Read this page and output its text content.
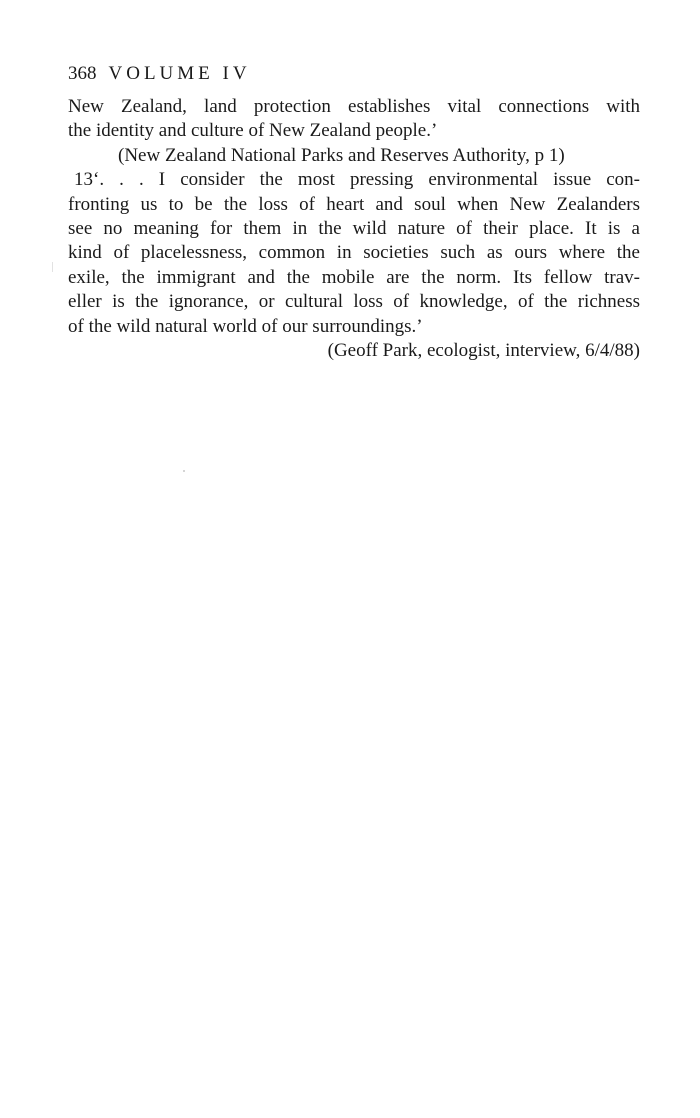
368 VOLUME IV
New Zealand, land protection establishes vital connections with
the identity and culture of New Zealand people.’
(New Zealand National Parks and Reserves Authority, p 1)
13‘. . . I consider the most pressing environmental issue con-
fronting us to be the loss of heart and soul when New Zealanders
see no meaning for them in the wild nature of their place. It is a
kind of placelessness, common in societies such as ours where the
exile, the immigrant and the mobile are the norm. Its fellow trav-
eller is the ignorance, or cultural loss of knowledge, of the richness
of the wild natural world of our surroundings.’
(Geoff Park, ecologist, interview, 6/4/88)
